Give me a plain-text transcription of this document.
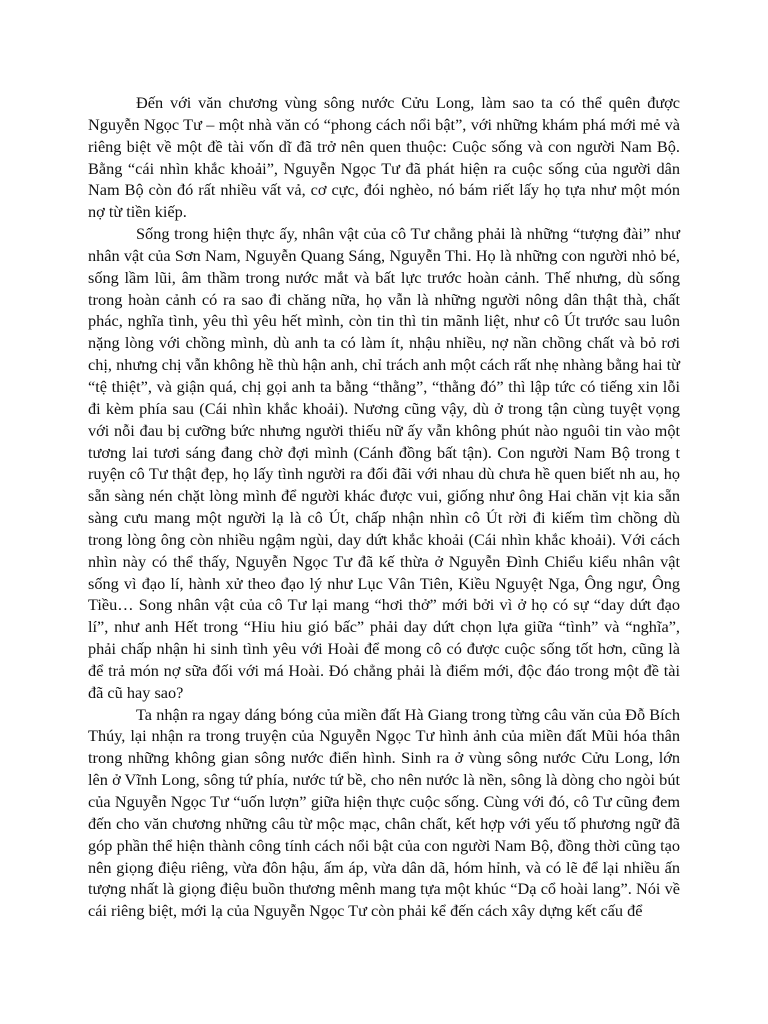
Đến với văn chương vùng sông nước Cửu Long, làm sao ta có thể quên được Nguyễn Ngọc Tư – một nhà văn có “phong cách nổi bật”, với những khám phá mới mẻ và riêng biệt về một đề tài vốn dĩ đã trở nên quen thuộc: Cuộc sống và con người Nam Bộ. Bằng “cái nhìn khắc khoải”, Nguyễn Ngọc Tư đã phát hiện ra cuộc sống của người dân Nam Bộ còn đó rất nhiều vất vả, cơ cực, đói nghèo, nó bám riết lấy họ tựa như một món nợ từ tiền kiếp.

Sống trong hiện thực ấy, nhân vật của cô Tư chẳng phải là những “tượng đài” như nhân vật của Sơn Nam, Nguyễn Quang Sáng, Nguyễn Thi. Họ là những con người nhỏ bé, sống lầm lũi, âm thầm trong nước mắt và bất lực trước hoàn cảnh. Thế nhưng, dù sống trong hoàn cảnh có ra sao đi chăng nữa, họ vẫn là những người nông dân thật thà, chất phác, nghĩa tình, yêu thì yêu hết mình, còn tin thì tin mãnh liệt, như cô Út trước sau luôn nặng lòng với chồng mình, dù anh ta có làm ít, nhậu nhiều, nợ nần chồng chất và bỏ rơi chị, nhưng chị vẫn không hề thù hận anh, chỉ trách anh một cách rất nhẹ nhàng bằng hai từ “tệ thiệt”, và giận quá, chị gọi anh ta bằng “thằng”, “thằng đó” thì lập tức có tiếng xin lỗi đi kèm phía sau (Cái nhìn khắc khoải). Nương cũng vậy, dù ở trong tận cùng tuyệt vọng với nỗi đau bị cưỡng bức nhưng người thiếu nữ ấy vẫn không phút nào nguôi tin vào một tương lai tươi sáng đang chờ đợi mình (Cánh đồng bất tận). Con người Nam Bộ trong t ruyện cô Tư thật đẹp, họ lấy tình người ra đối đãi với nhau dù chưa hề quen biết nh au, họ sẵn sàng nén chặt lòng mình để người khác được vui, giống như ông Hai chăn vịt kia sẵn sàng cưu mang một người lạ là cô Út, chấp nhận nhìn cô Út rời đi kiếm tìm chồng dù trong lòng ông còn nhiều ngậm ngùi, day dứt khắc khoải (Cái nhìn khắc khoải). Với cách nhìn này có thể thấy, Nguyễn Ngọc Tư đã kế thừa ở Nguyễn Đình Chiểu kiểu nhân vật sống vì đạo lí, hành xử theo đạo lý như Lục Vân Tiên, Kiều Nguyệt Nga, Ông ngư, Ông Tiều… Song nhân vật của cô Tư lại mang “hơi thở” mới bởi vì ở họ có sự “day dứt đạo lí”, như anh Hết trong “Hiu hiu gió bấc” phải day dứt chọn lựa giữa “tình” và “nghĩa”, phải chấp nhận hi sinh tình yêu với Hoài để mong cô có được cuộc sống tốt hơn, cũng là để trả món nợ sữa đối với má Hoài. Đó chẳng phải là điểm mới, độc đáo trong một đề tài đã cũ hay sao?

Ta nhận ra ngay dáng bóng của miền đất Hà Giang trong từng câu văn của Đỗ Bích Thúy, lại nhận ra trong truyện của Nguyễn Ngọc Tư hình ảnh của miền đất Mũi hóa thân trong những không gian sông nước điển hình. Sinh ra ở vùng sông nước Cửu Long, lớn lên ở Vĩnh Long, sông tứ phía, nước tứ bề, cho nên nước là nền, sông là dòng cho ngòi bút của Nguyễn Ngọc Tư “uốn lượn” giữa hiện thực cuộc sống. Cùng với đó, cô Tư cũng đem đến cho văn chương những câu từ mộc mạc, chân chất, kết hợp với yếu tố phương ngữ đã góp phần thể hiện thành công tính cách nổi bật của con người Nam Bộ, đồng thời cũng tạo nên giọng điệu riêng, vừa đôn hậu, ấm áp, vừa dân dã, hóm hỉnh, và có lẽ để lại nhiều ấn tượng nhất là giọng điệu buồn thương mênh mang tựa một khúc “Dạ cổ hoài lang”. Nói về cái riêng biệt, mới lạ của Nguyễn Ngọc Tư còn phải kể đến cách xây dựng kết cấu để
